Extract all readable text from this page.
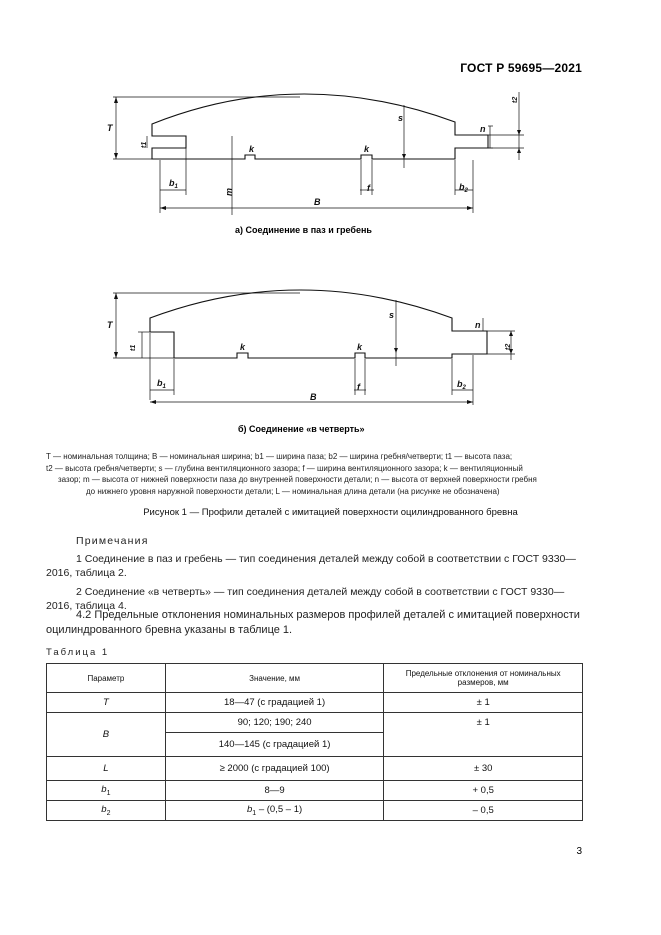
ГОСТ Р 59695—2021
T
t1
t2
s
n
k	k
m	f
$b_1$	$b_2$
B
T
t1	t2
s
n
k	k
f
$b_1$	$b_2$
B
а) Соединение в паз и гребень
б) Соединение «в четверть»
T — номинальная толщина; B — номинальная ширина; b1 — ширина паза; b2 — ширина гребня/четверти; t1 — высота паза;
t2 — высота гребня/четверти; s — глубина вентиляционного зазора; f — ширина вентиляционного зазора; k — вентиляционный
зазор; m — высота от нижней поверхности паза до внутренней поверхности детали; n — высота от верхней поверхности гребня
до нижнего уровня наружной поверхности детали; L — номинальная длина детали (на рисунке не обозначена)
Рисунок 1 — Профили деталей с имитацией поверхности оцилиндрованного бревна
Примечания

1 Соединение в паз и гребень — тип соединения деталей между собой в соответствии с ГОСТ 9330—2016, таблица 2.

2 Соединение «в четверть» — тип соединения деталей между собой в соответствии с ГОСТ 9330—2016, таблица 4.

4.2 Предельные отклонения номинальных размеров профилей деталей с имитацией поверхности оцилиндрованного бревна указаны в таблице 1.
Таблица 1
Параметр	Значение, мм	Предельные отклонения от номинальных размеров, мм
T	18—47 (с градацией 1)	± 1
B	90; 120; 190; 240	± 1
	140—145 (с градацией 1)	
L	≥ 2000 (с градацией 100)	± 30
$b_1$	8—9	+ 0,5
$b_2$	$b_1 - (0,5 - 1)$	– 0,5
3
